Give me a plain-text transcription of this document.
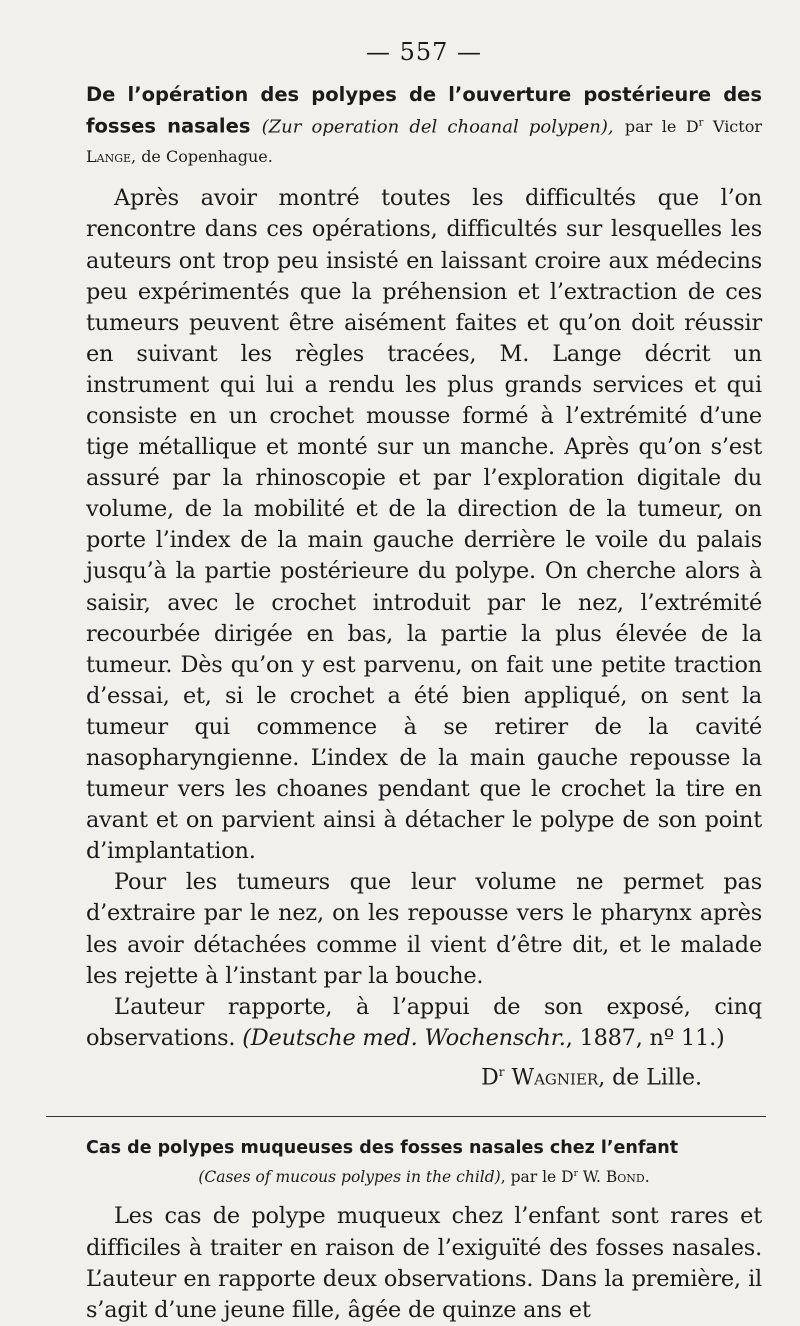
— 557 —
De l’opération des polypes de l’ouverture postérieure des fosses nasales (Zur operation del choanal polypen), par le $D^r$ Victor Lange, de Copenhague.

Après avoir montré toutes les difficultés que l’on rencontre dans ces opérations, difficultés sur lesquelles les auteurs ont trop peu insisté en laissant croire aux médecins peu expérimentés que la préhension et l’extraction de ces tumeurs peuvent être aisément faites et qu’on doit réussir en suivant les règles tracées, M. Lange décrit un instrument qui lui a rendu les plus grands services et qui consiste en un crochet mousse formé à l’extrémité d’une tige métallique et monté sur un manche. Après qu’on s’est assuré par la rhinoscopie et par l’exploration digitale du volume, de la mobilité et de la direction de la tumeur, on porte l’index de la main gauche derrière le voile du palais jusqu’à la partie postérieure du polype. On cherche alors à saisir, avec le crochet introduit par le nez, l’extrémité recourbée dirigée en bas, la partie la plus élevée de la tumeur. Dès qu’on y est parvenu, on fait une petite traction d’essai, et, si le crochet a été bien appliqué, on sent la tumeur qui commence à se retirer de la cavité nasopharyngienne. L’index de la main gauche repousse la tumeur vers les choanes pendant que le crochet la tire en avant et on parvient ainsi à détacher le polype de son point d’implantation.

Pour les tumeurs que leur volume ne permet pas d’extraire par le nez, on les repousse vers le pharynx après les avoir détachées comme il vient d’être dit, et le malade les rejette à l’instant par la bouche.

L’auteur rapporte, à l’appui de son exposé, cinq observations. (Deutsche med. Wochenschr., 1887, nº 11.)

$D^r$ Wagnier, de Lille.
Cas de polypes muqueuses des fosses nasales chez l’enfant
(Cases of mucous polypes in the child), par le $D^r$ W. Bond.

Les cas de polype muqueux chez l’enfant sont rares et difficiles à traiter en raison de l’exiguïté des fosses nasales. L’auteur en rapporte deux observations. Dans la première, il s’agit d’une jeune fille, âgée de quinze ans et
